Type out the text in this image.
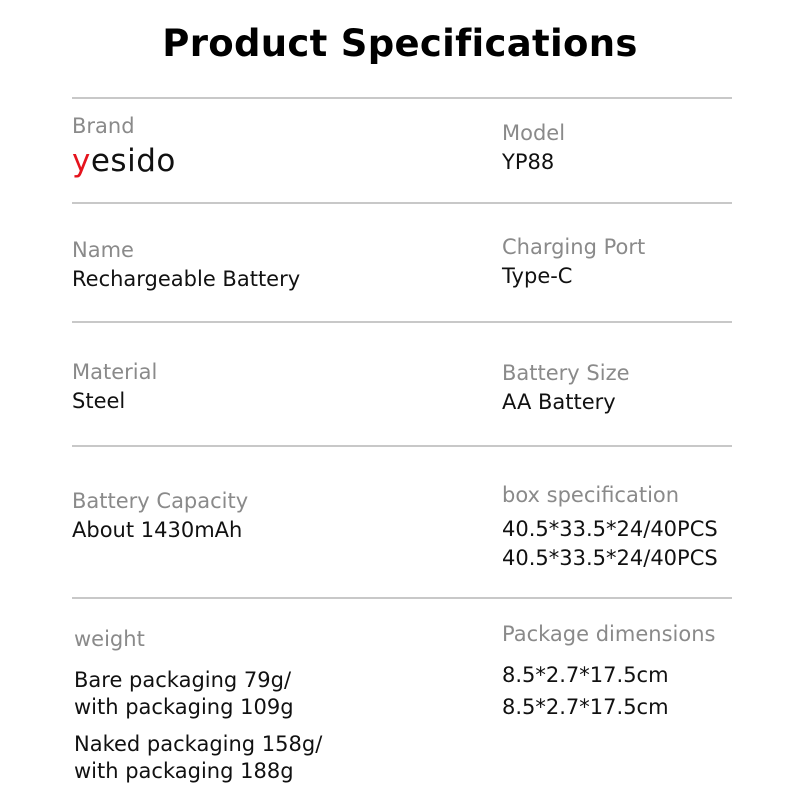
Product Specifications
Brand
yesido
Model
YP88
Name
Rechargeable Battery
Charging Port
Type-C
Material
Steel
Battery Size
AA Battery
Battery Capacity
About 1430mAh
box specification
40.5*33.5*24/40PCS
40.5*33.5*24/40PCS
weight
Bare packaging 79g/
with packaging 109g
Naked packaging 158g/
with packaging 188g
Package dimensions
8.5*2.7*17.5cm
8.5*2.7*17.5cm
